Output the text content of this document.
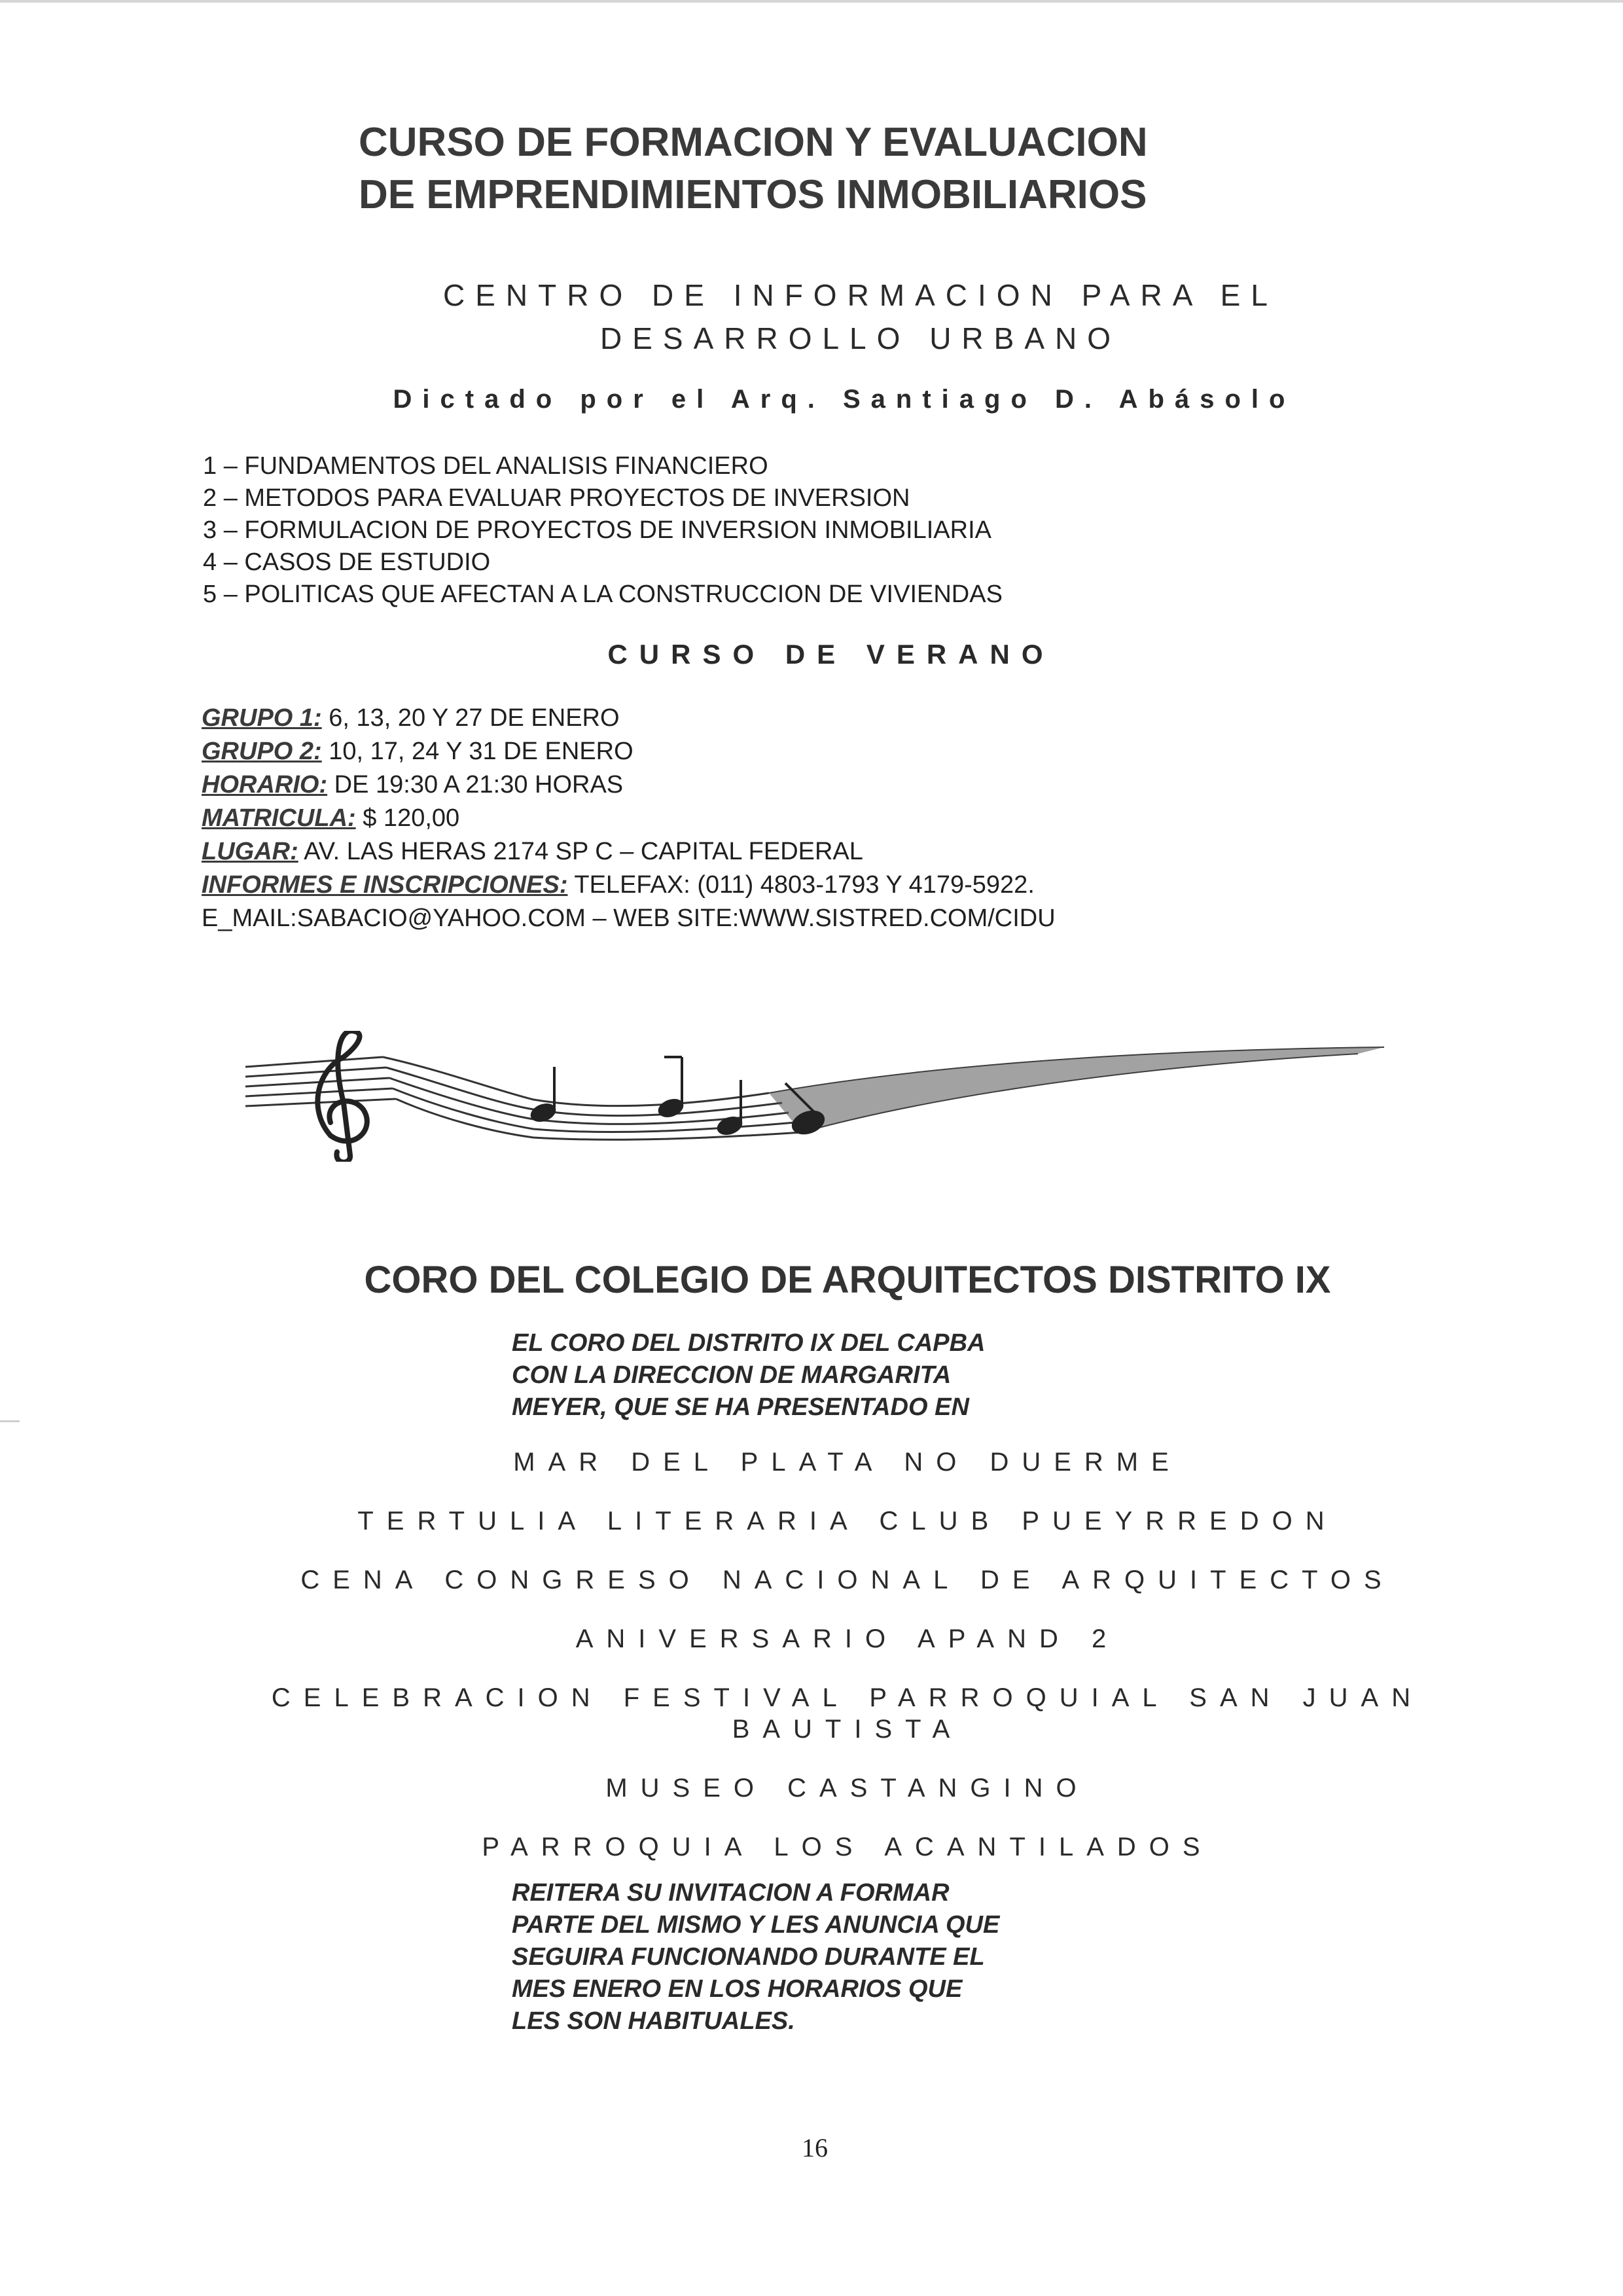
CURSO DE FORMACION Y EVALUACION
DE EMPRENDIMIENTOS INMOBILIARIOS
CENTRO DE INFORMACION PARA EL
DESARROLLO URBANO
Dictado por el Arq. Santiago D. Abásolo
1 – FUNDAMENTOS DEL ANALISIS FINANCIERO
2 – METODOS PARA EVALUAR PROYECTOS DE INVERSION
3 – FORMULACION DE PROYECTOS DE INVERSION INMOBILIARIA
4 – CASOS DE ESTUDIO
5 – POLITICAS QUE AFECTAN A LA CONSTRUCCION DE VIVIENDAS
CURSO DE VERANO
GRUPO 1: 6, 13, 20 Y 27 DE ENERO
GRUPO 2: 10, 17, 24 Y 31 DE ENERO
HORARIO: DE 19:30 A 21:30 HORAS
MATRICULA: $ 120,00
LUGAR: AV. LAS HERAS 2174 SP C – CAPITAL FEDERAL
INFORMES E INSCRIPCIONES: TELEFAX: (011) 4803-1793 Y 4179-5922.
E_MAIL:SABACIO@YAHOO.COM – WEB SITE:WWW.SISTRED.COM/CIDU
CORO DEL COLEGIO DE ARQUITECTOS DISTRITO IX
EL CORO DEL DISTRITO IX DEL CAPBA
CON LA DIRECCION DE MARGARITA
MEYER, QUE SE HA PRESENTADO EN
MAR DEL PLATA NO DUERME
TERTULIA LITERARIA CLUB PUEYRREDON
CENA CONGRESO NACIONAL DE ARQUITECTOS
ANIVERSARIO APAND 2
CELEBRACION FESTIVAL PARROQUIAL SAN JUAN
BAUTISTA
MUSEO CASTANGINO
PARROQUIA LOS ACANTILADOS
REITERA SU INVITACION A FORMAR
PARTE DEL MISMO Y LES ANUNCIA QUE
SEGUIRA FUNCIONANDO DURANTE EL
MES ENERO EN LOS HORARIOS QUE
LES SON HABITUALES.
16
